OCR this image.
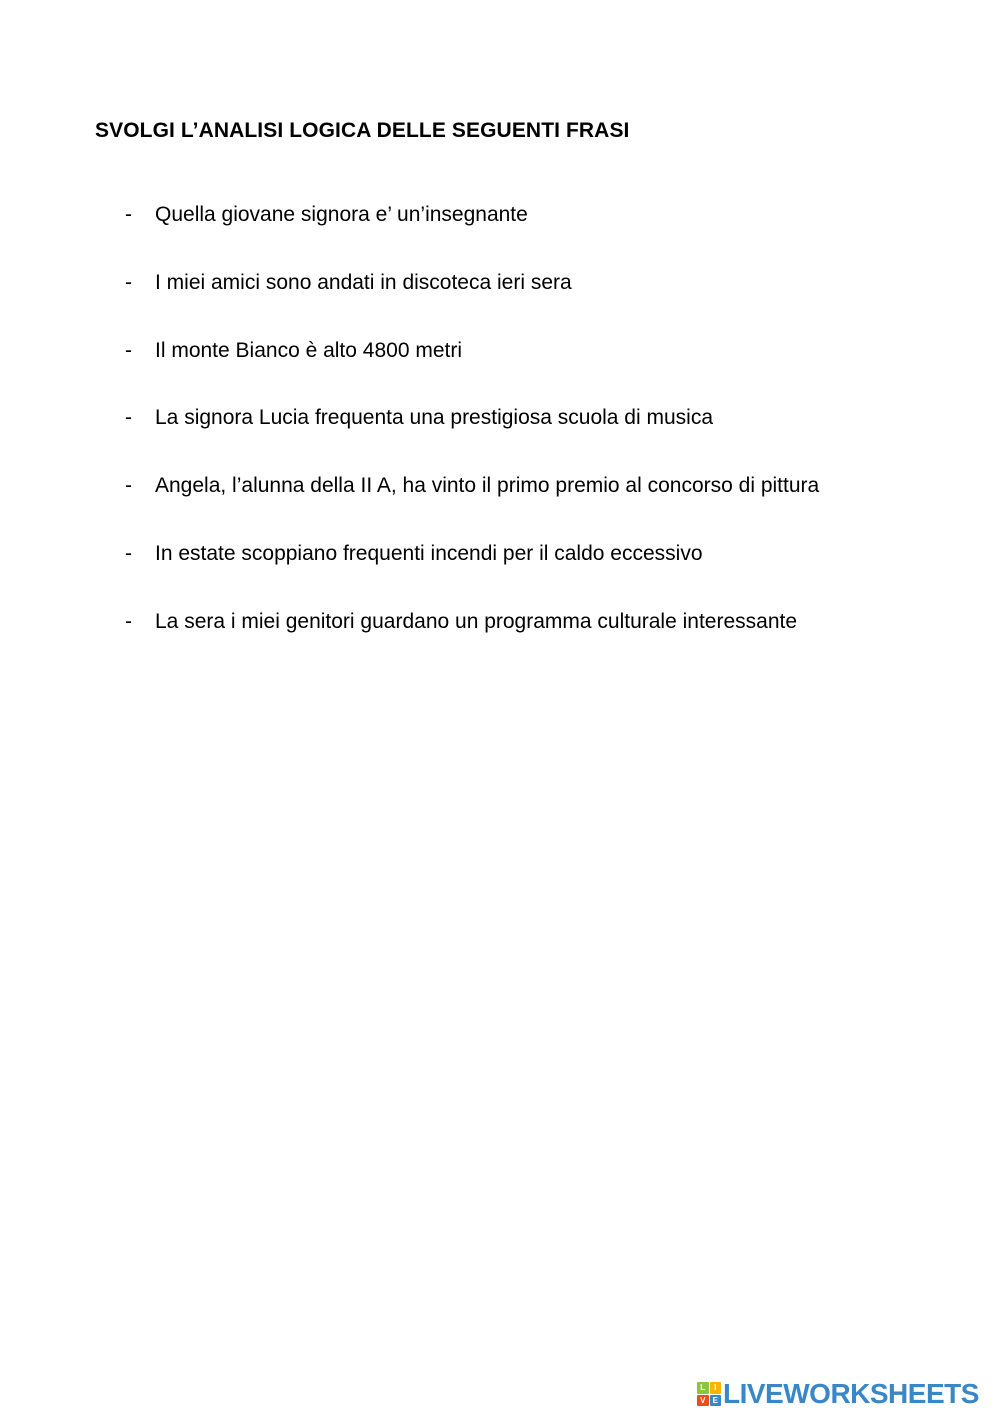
SVOLGI L’ANALISI LOGICA DELLE SEGUENTI FRASI
- Quella giovane signora e’ un’insegnante
- I miei amici sono andati in discoteca ieri sera
- Il monte Bianco è alto 4800 metri
- La signora Lucia frequenta una prestigiosa scuola di musica
- Angela, l’alunna della II A, ha vinto il primo premio al concorso di pittura
- In estate scoppiano frequenti incendi per il caldo eccessivo
- La sera i miei genitori guardano un programma culturale interessante
L	I
V E LIVEWORKSHEETS
